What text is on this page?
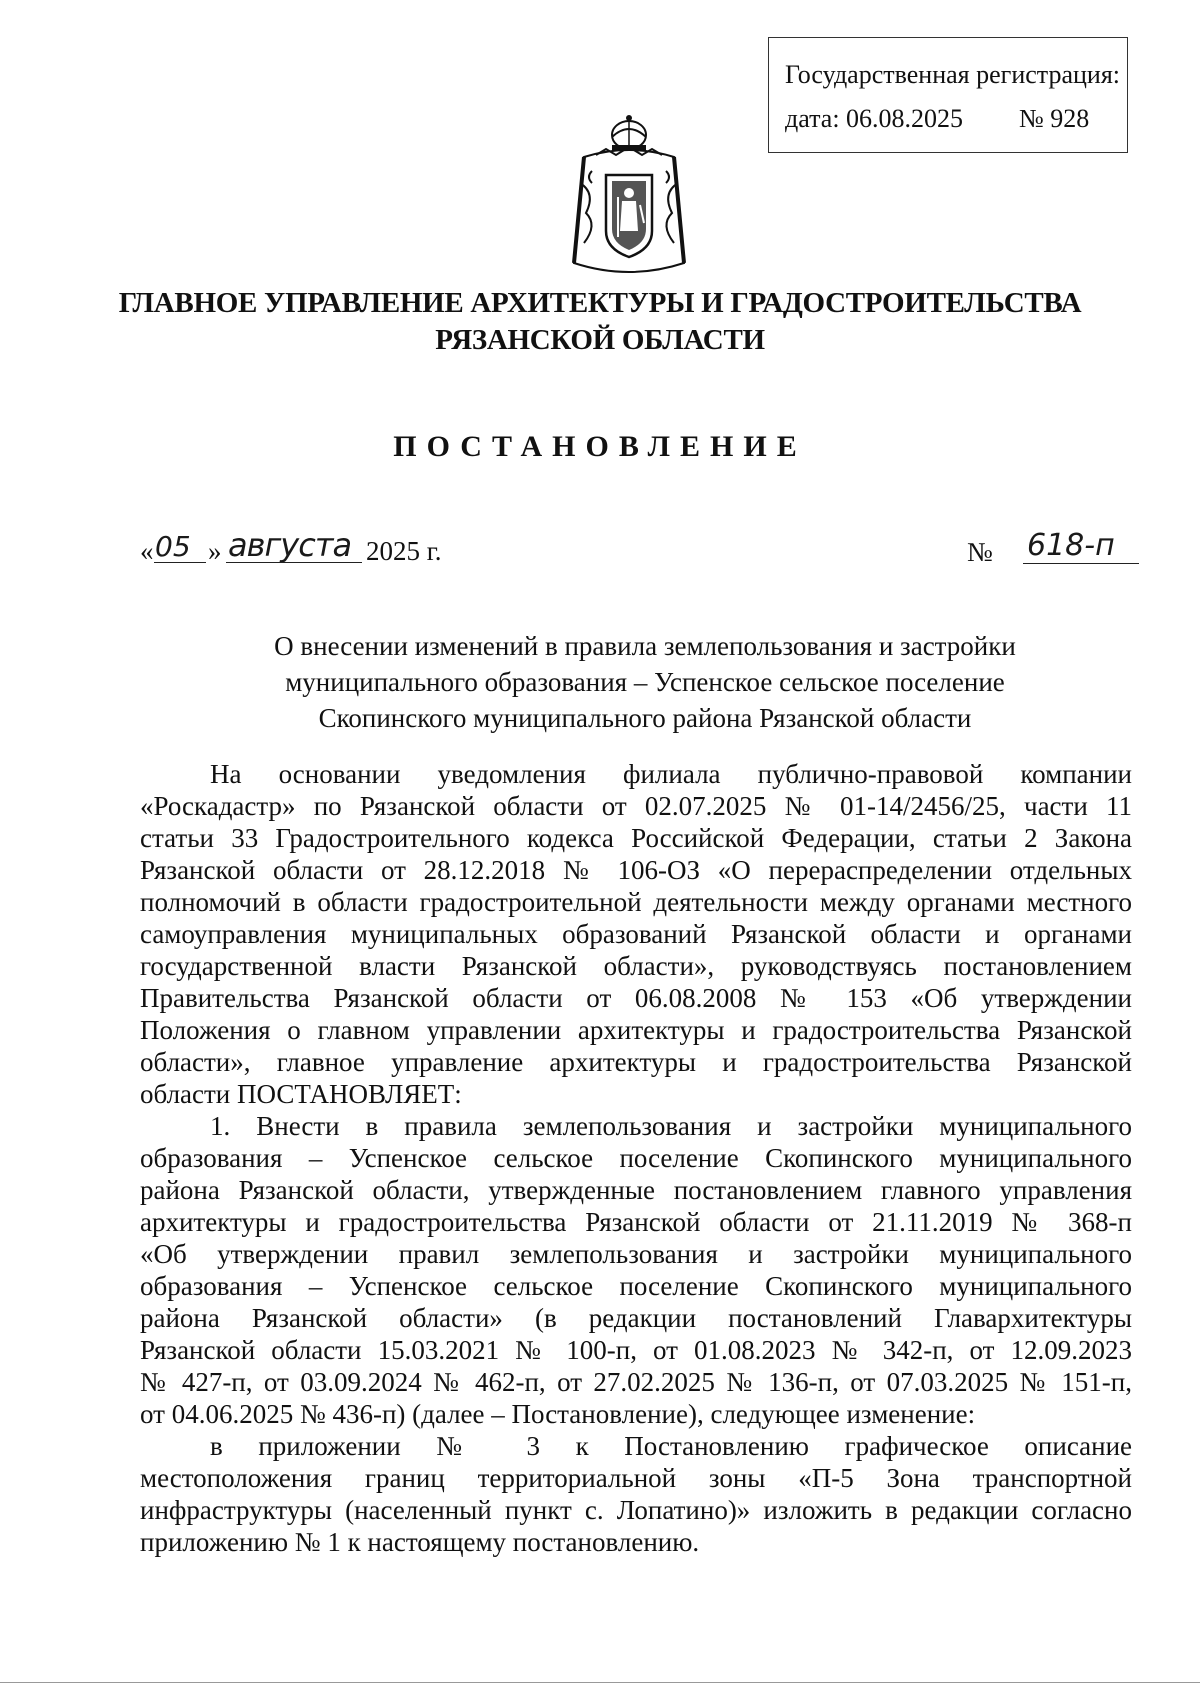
Государственная регистрация:
дата: 06.08.2025 № 928
ГЛАВНОЕ УПРАВЛЕНИЕ АРХИТЕКТУРЫ И ГРАДОСТРОИТЕЛЬСТВА
РЯЗАНСКОЙ ОБЛАСТИ
ПОСТАНОВЛЕНИЕ
« 05 » августа 2025 г.	№ 618-п
О внесении изменений в правила землепользования и застройки
муниципального образования – Успенское сельское поселение
Скопинского муниципального района Рязанской области
На основании уведомления филиала публично-правовой компании
«Роскадастр» по Рязанской области от 02.07.2025 № 01-14/2456/25, части 11
статьи 33 Градостроительного кодекса Российской Федерации, статьи 2 Закона
Рязанской области от 28.12.2018 № 106-ОЗ «О перераспределении отдельных
полномочий в области градостроительной деятельности между органами местного
самоуправления муниципальных образований Рязанской области и органами
государственной власти Рязанской области», руководствуясь постановлением
Правительства Рязанской области от 06.08.2008 № 153 «Об утверждении
Положения о главном управлении архитектуры и градостроительства Рязанской
области», главное управление архитектуры и градостроительства Рязанской
области ПОСТАНОВЛЯЕТ:
1. Внести в правила землепользования и застройки муниципального
образования – Успенское сельское поселение Скопинского муниципального
района Рязанской области, утвержденные постановлением главного управления
архитектуры и градостроительства Рязанской области от 21.11.2019 № 368-п
«Об утверждении правил землепользования и застройки муниципального
образования – Успенское сельское поселение Скопинского муниципального
района Рязанской области» (в редакции постановлений Главархитектуры
Рязанской области 15.03.2021 № 100-п, от 01.08.2023 № 342-п, от 12.09.2023
№ 427-п, от 03.09.2024 № 462-п, от 27.02.2025 № 136-п, от 07.03.2025 № 151-п,
от 04.06.2025 № 436-п) (далее – Постановление), следующее изменение:
в приложении № 3 к Постановлению графическое описание
местоположения границ территориальной зоны «П-5 Зона транспортной
инфраструктуры (населенный пункт с. Лопатино)» изложить в редакции согласно
приложению № 1 к настоящему постановлению.
